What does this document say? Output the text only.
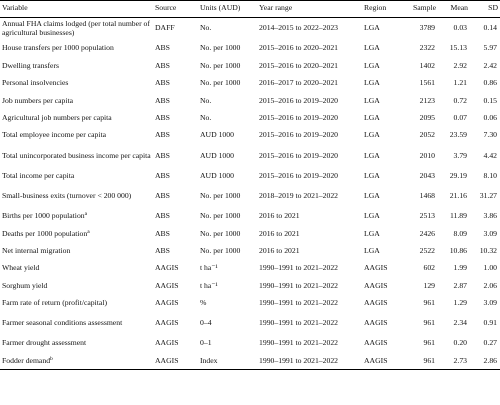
Variable	Source	Units (AUD)	Year range	Region	Sample	Mean	SD
Annual FHA claims lodged (per total number of agricultural businesses)	DAFF	No.	2014–2015 to 2022–2023	LGA	3789	0.03	0.14
House transfers per 1000 population	ABS	No. per 1000	2015–2016 to 2020–2021	LGA	2322	15.13	5.97
Dwelling transfers	ABS	No. per 1000	2015–2016 to 2020–2021	LGA	1402	2.92	2.42
Personal insolvencies	ABS	No. per 1000	2016–2017 to 2020–2021	LGA	1561	1.21	0.86
Job numbers per capita	ABS	No.	2015–2016 to 2019–2020	LGA	2123	0.72	0.15
Agricultural job numbers per capita	ABS	No.	2015–2016 to 2019–2020	LGA	2095	0.07	0.06
Total employee income per capita	ABS	AUD 1000	2015–2016 to 2019–2020	LGA	2052	23.59	7.30
Total unincorporated business income per capita	ABS	AUD 1000	2015–2016 to 2019–2020	LGA	2010	3.79	4.42
Total income per capita	ABS	AUD 1000	2015–2016 to 2019–2020	LGA	2043	29.19	8.10
Small-business exits (turnover < 200 000)	ABS	No. per 1000	2018–2019 to 2021–2022	LGA	1468	21.16	31.27
Births per 1000 population$^a$	ABS	No. per 1000	2016 to 2021	LGA	2513	11.89	3.86
Deaths per 1000 population$^a$	ABS	No. per 1000	2016 to 2021	LGA	2426	8.09	3.09
Net internal migration	ABS	No. per 1000	2016 to 2021	LGA	2522	10.86	10.32
Wheat yield	AAGIS	t ha⁻¹	1990–1991 to 2021–2022	AAGIS	602	1.99	1.00
Sorghum yield	AAGIS	t ha⁻¹	1990–1991 to 2021–2022	AAGIS	129	2.87	2.06
Farm rate of return (profit/capital)	AAGIS	%	1990–1991 to 2021–2022	AAGIS	961	1.29	3.09
Farmer seasonal conditions assessment	AAGIS	0–4	1990–1991 to 2021–2022	AAGIS	961	2.34	0.91
Farmer drought assessment	AAGIS	0–1	1990–1991 to 2021–2022	AAGIS	961	0.20	0.27
Fodder demand$^b$	AAGIS	Index	1990–1991 to 2021–2022	AAGIS	961	2.73	2.86
